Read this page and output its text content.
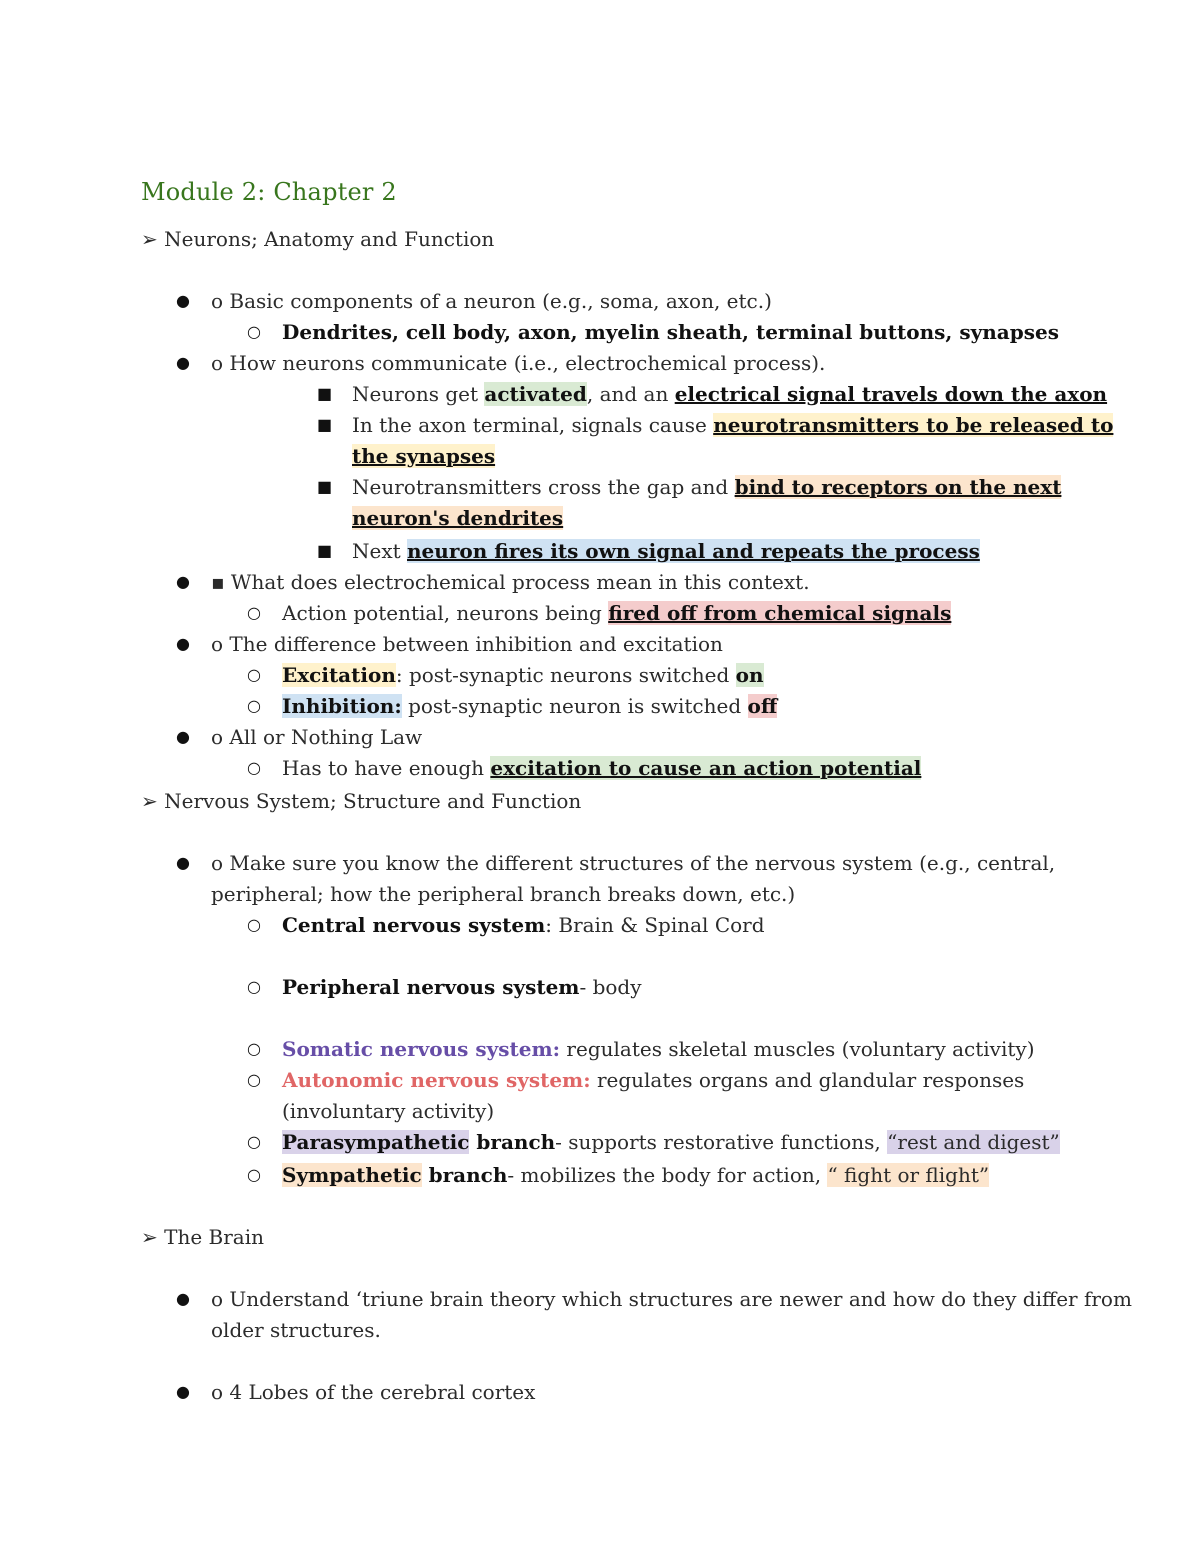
Module 2: Chapter 2
➢ Neurons; Anatomy and Function
● o Basic components of a neuron (e.g., soma, axon, etc.)
○ Dendrites, cell body, axon, myelin sheath, terminal buttons, synapses
● o How neurons communicate (i.e., electrochemical process).
■ Neurons get activated, and an electrical signal travels down the axon
■ In the axon terminal, signals cause neurotransmitters to be released to
the synapses
■ Neurotransmitters cross the gap and bind to receptors on the next
neuron's dendrites
■ Next neuron fires its own signal and repeats the process
● ▪ What does electrochemical process mean in this context.
○ Action potential, neurons being fired off from chemical signals
● o The difference between inhibition and excitation
○ Excitation: post-synaptic neurons switched on
○ Inhibition: post-synaptic neuron is switched off
● o All or Nothing Law
○ Has to have enough excitation to cause an action potential
➢ Nervous System; Structure and Function
● o Make sure you know the different structures of the nervous system (e.g., central,
peripheral; how the peripheral branch breaks down, etc.)
○ Central nervous system: Brain & Spinal Cord
○ Peripheral nervous system- body
○ Somatic nervous system: regulates skeletal muscles (voluntary activity)
○ Autonomic nervous system: regulates organs and glandular responses
(involuntary activity)
○ Parasympathetic branch- supports restorative functions, “rest and digest”
○ Sympathetic branch- mobilizes the body for action, “ fight or flight”
➢ The Brain
● o Understand ‘triune brain theory which structures are newer and how do they differ from
older structures.
● o 4 Lobes of the cerebral cortex
